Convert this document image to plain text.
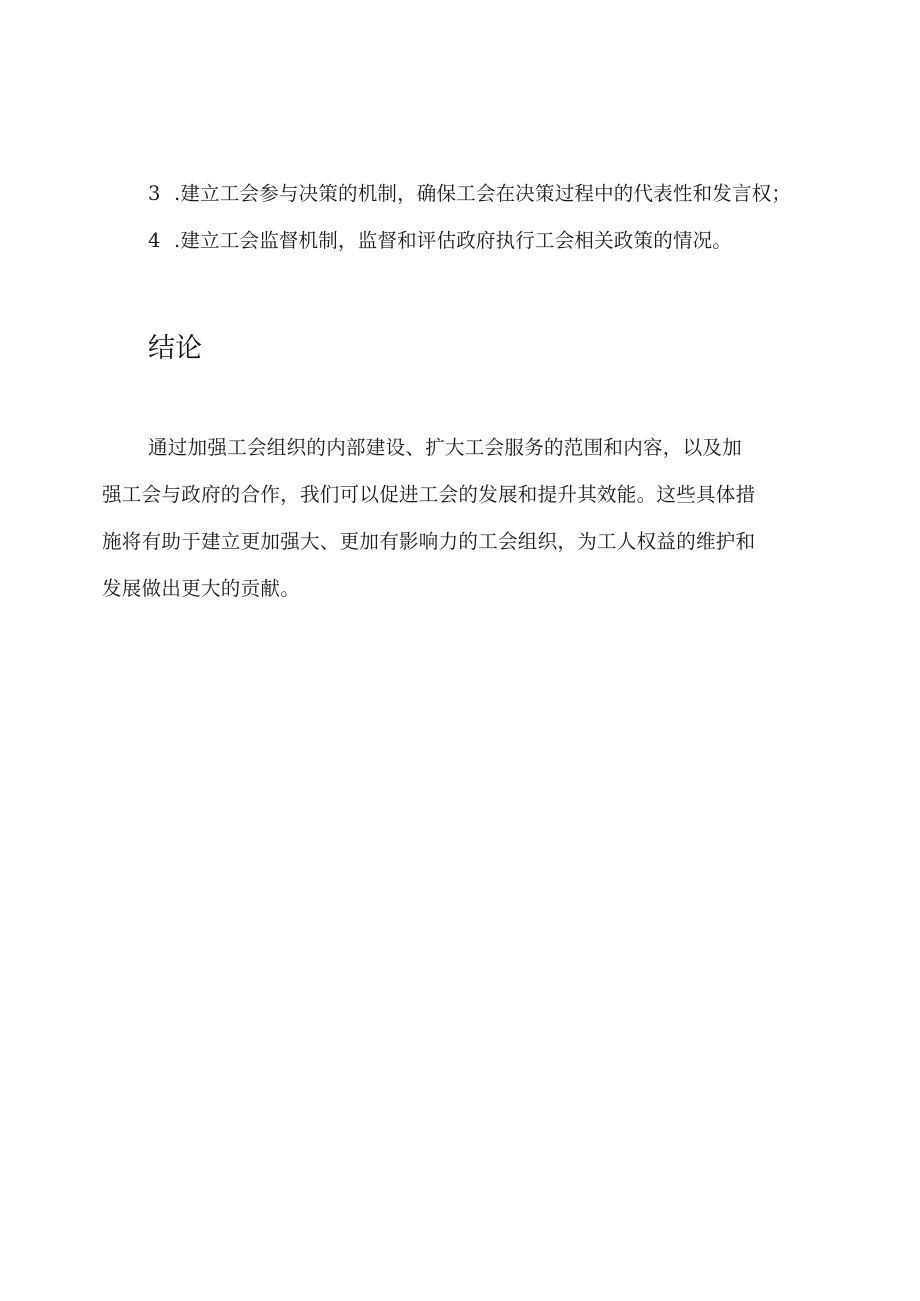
3 .建立工会参与决策的机制，确保工会在决策过程中的代表性和发言权；
4 .建立工会监督机制，监督和评估政府执行工会相关政策的情况。
结论
通过加强工会组织的内部建设、扩大工会服务的范围和内容，以及加
强工会与政府的合作，我们可以促进工会的发展和提升其效能。这些具体措
施将有助于建立更加强大、更加有影响力的工会组织，为工人权益的维护和
发展做出更大的贡献。
